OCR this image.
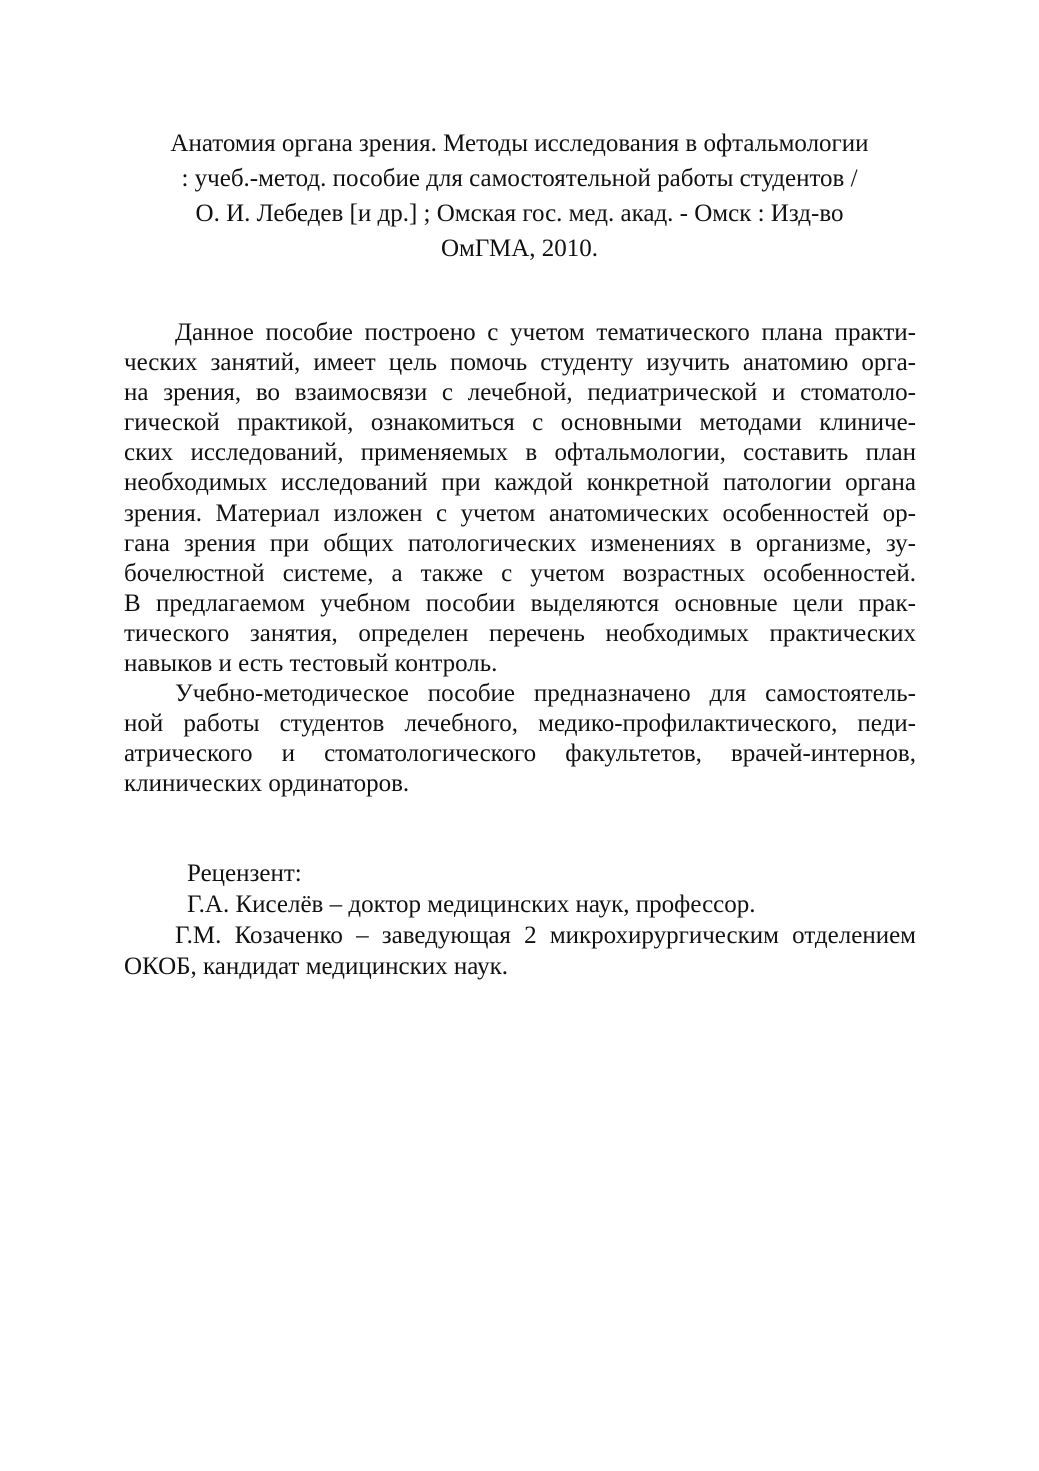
Анатомия органа зрения. Методы исследования в офтальмологии
: учеб.-метод. пособие для самостоятельной работы студентов /
О. И. Лебедев [и др.] ; Омская гос. мед. акад. - Омск : Изд-во
ОмГМА, 2010.

Данное пособие построено с учетом тематического плана практи-
ческих занятий, имеет цель помочь студенту изучить анатомию орга-
на зрения, во взаимосвязи с лечебной, педиатрической и стоматоло-
гической практикой, ознакомиться с основными методами клиниче-
ских исследований, применяемых в офтальмологии, составить план
необходимых исследований при каждой конкретной патологии органа
зрения. Материал изложен с учетом анатомических особенностей ор-
гана зрения при общих патологических изменениях в организме, зу-
бочелюстной системе, а также с учетом возрастных особенностей.
В предлагаемом учебном пособии выделяются основные цели прак-
тического занятия, определен перечень необходимых практических
навыков и есть тестовый контроль.

Учебно-методическое пособие предназначено для самостоятель-
ной работы студентов лечебного, медико-профилактического, педи-
атрического и стоматологического факультетов, врачей-интернов,
клинических ординаторов.

Рецензент:
Г.А. Киселёв – доктор медицинских наук, профессор.
Г.М. Козаченко – заведующая 2 микрохирургическим отделением
ОКОБ, кандидат медицинских наук.
